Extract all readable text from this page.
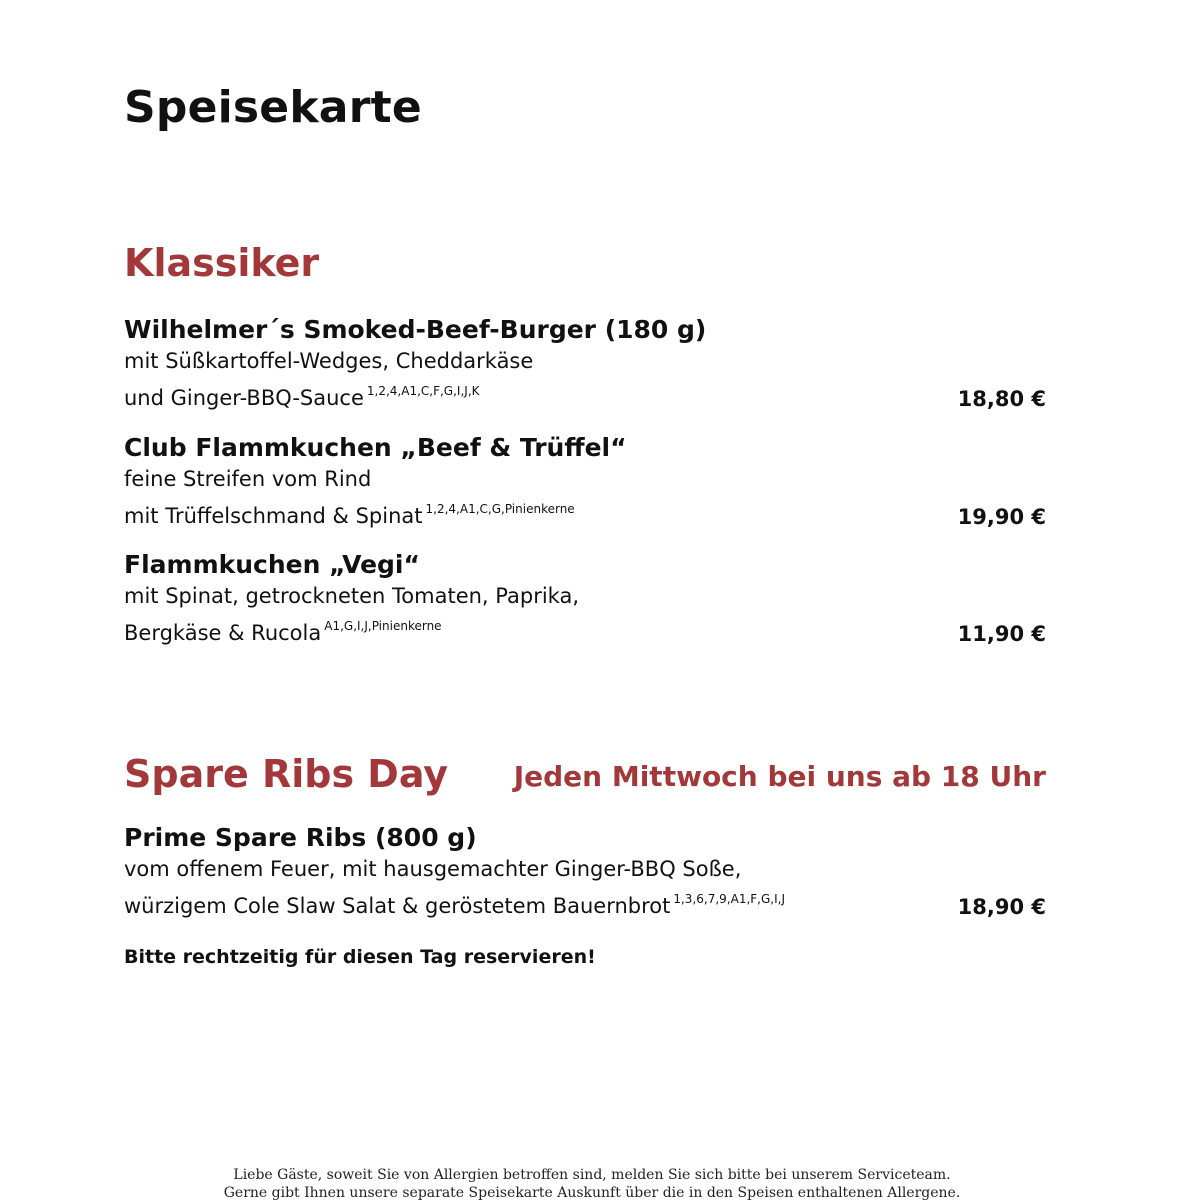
Speisekarte
Klassiker
Wilhelmer´s Smoked-Beef-Burger (180 g)
mit Süßkartoffel-Wedges, Cheddarkäse
und Ginger-BBQ-Sauce $^{1,2,4,A1,C,F,G,I,J,K}$	18,80 €
Club Flammkuchen „Beef & Trüffel“
feine Streifen vom Rind
mit Trüffelschmand & Spinat $^{1,2,4,A1,C,G,Pinienkerne}$	19,90 €
Flammkuchen „Vegi“
mit Spinat, getrockneten Tomaten, Paprika,
Bergkäse & Rucola $^{A1,G,I,J,Pinienkerne}$	11,90 €
Spare Ribs Day Jeden Mittwoch bei uns ab 18 Uhr
Prime Spare Ribs (800 g)
vom offenem Feuer, mit hausgemachter Ginger-BBQ Soße,
würzigem Cole Slaw Salat & geröstetem Bauernbrot $^{1,3,6,7,9,A1,F,G,I,J}$	18,90 €
Bitte rechtzeitig für diesen Tag reservieren!
Liebe Gäste, soweit Sie von Allergien betroffen sind, melden Sie sich bitte bei unserem Serviceteam.
Gerne gibt Ihnen unsere separate Speisekarte Auskunft über die in den Speisen enthaltenen Allergene.
